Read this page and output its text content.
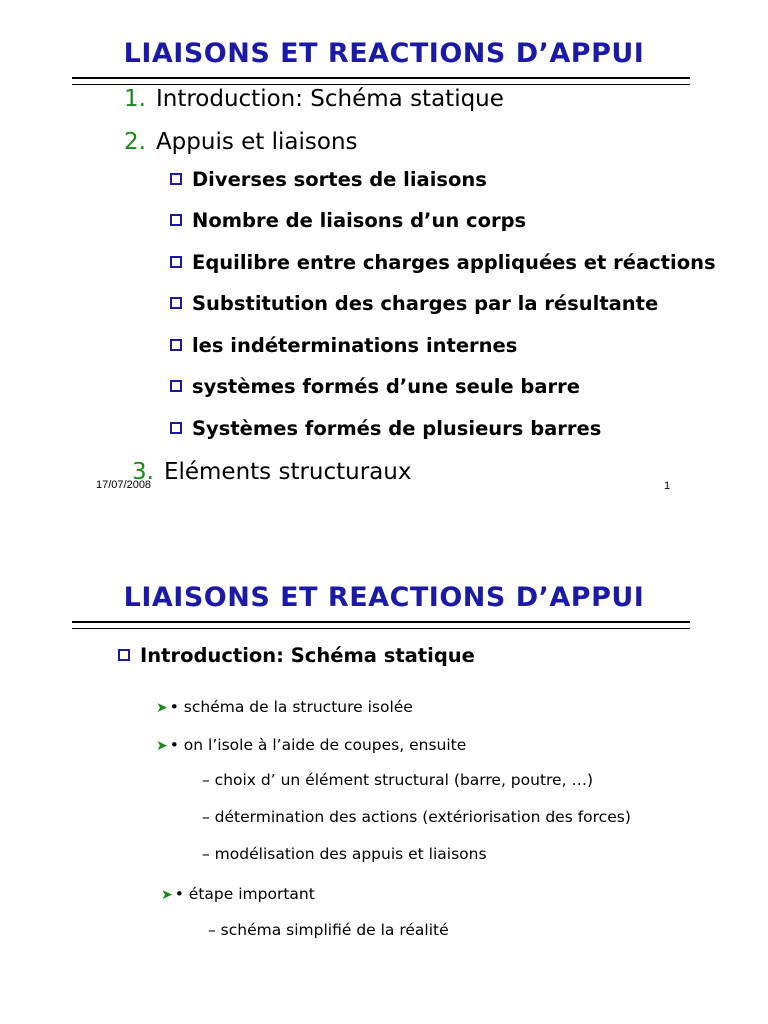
LIAISONS ET REACTIONS D’APPUI
1. Introduction: Schéma statique
2. Appuis et liaisons
Diverses sortes de liaisons
Nombre de liaisons d’un corps
Equilibre entre charges appliquées et réactions
Substitution des charges par la résultante
les indéterminations internes
systèmes formés d’une seule barre
Systèmes formés de plusieurs barres
3. Eléments structuraux
17/07/2008	1
LIAISONS ET REACTIONS D’APPUI
Introduction: Schéma statique
➤ • schéma de la structure isolée
➤ • on l’isole à l’aide de coupes, ensuite
– choix d’ un élément structural (barre, poutre, …)
– détermination des actions (extériorisation des forces)
– modélisation des appuis et liaisons
➤ • étape important
– schéma simplifié de la réalité
